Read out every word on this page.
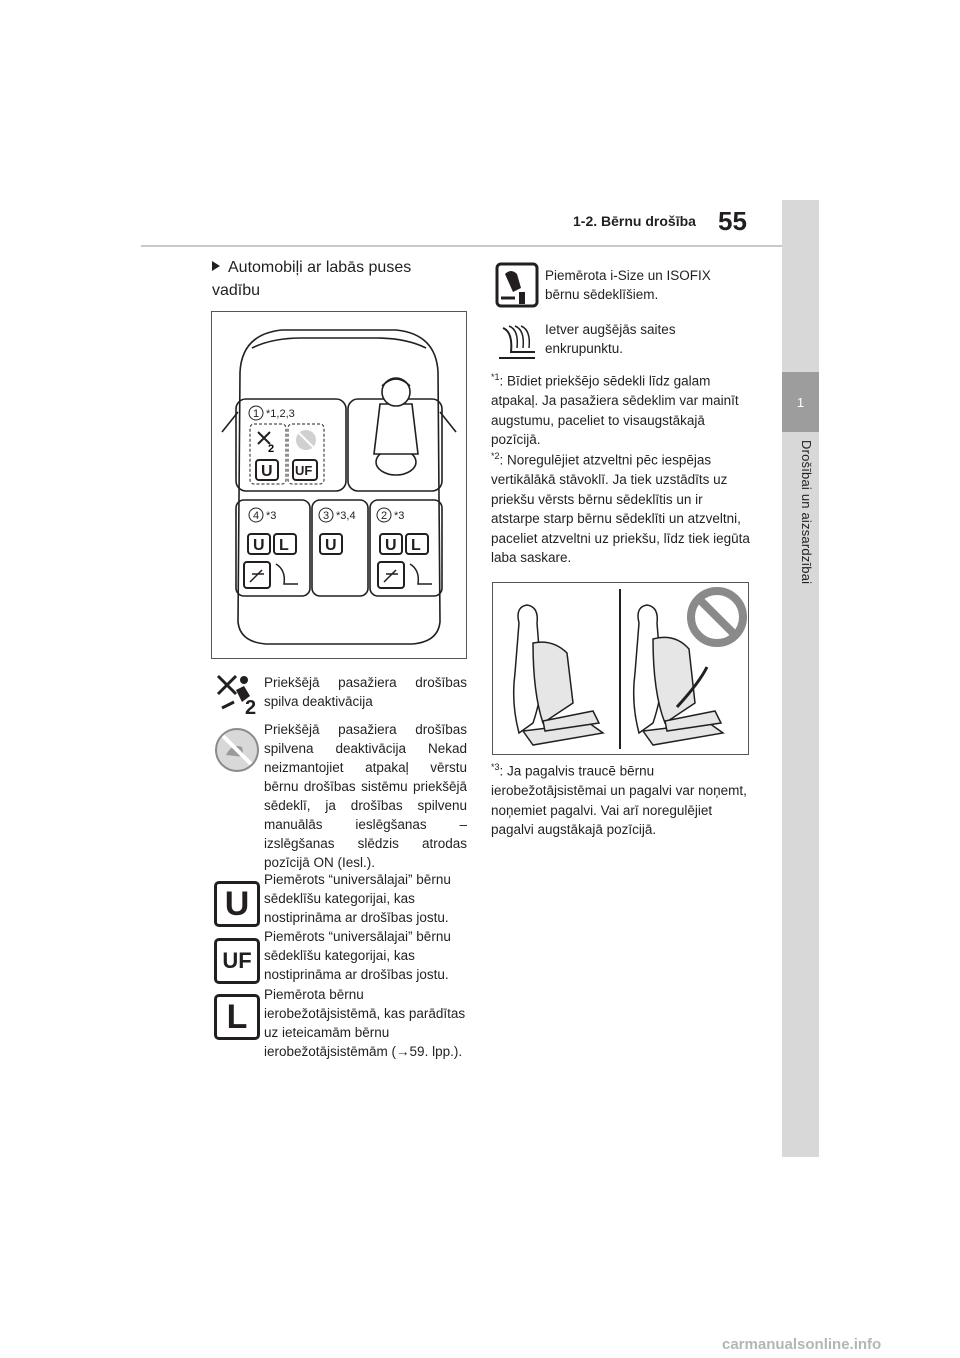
1
Drošībai un aizsardzībai
1-2. Bērnu drošība 55
Automobiļi ar labās puses vadību
1 *1,2,3
4 *3	3 *3,4 2 *3
2
U UF
U L U	U L
2
Priekšējā pasažiera drošības spilva deaktivācija
Priekšējā pasažiera drošības spilvena deaktivācija Nekad neizmantojiet atpakaļ vērstu bērnu drošības sistēmu priekšējā sēdeklī, ja drošības spilvenu manuālās ieslēgšanas – izslēgšanas slēdzis atrodas pozīcijā ON (Iesl.).
U
Piemērots “universālajai” bērnu sēdeklīšu kategorijai, kas nostiprināma ar drošības jostu.
UF
Piemērots “universālajai” bērnu sēdeklīšu kategorijai, kas nostiprināma ar drošības jostu.
L
Piemērota bērnu ierobežotājsistēmā, kas parādītas uz ieteicamām bērnu ierobežotājsistēmām (→59. lpp.).
Piemērota i-Size un ISOFIX bērnu sēdeklīšiem.
Ietver augšējās saites enkrupunktu.
$^{*1}$: Bīdiet priekšējo sēdekli līdz galam atpakaļ. Ja pasažiera sēdeklim var mainīt augstumu, paceliet to visaugstākajā pozīcijā.
$^{*2}$: Noregulējiet atzveltni pēc iespējas vertikālākā stāvoklī. Ja tiek uzstādīts uz priekšu vērsts bērnu sēdeklītis un ir atstarpe starp bērnu sēdeklīti un atzveltni, paceliet atzveltni uz priekšu, līdz tiek iegūta laba saskare.
$^{*3}$: Ja pagalvis traucē bērnu ierobežotājsistēmai un pagalvi var noņemt, noņemiet pagalvi. Vai arī noregulējiet pagalvi augstākajā pozīcijā.
carmanualsonline.info
